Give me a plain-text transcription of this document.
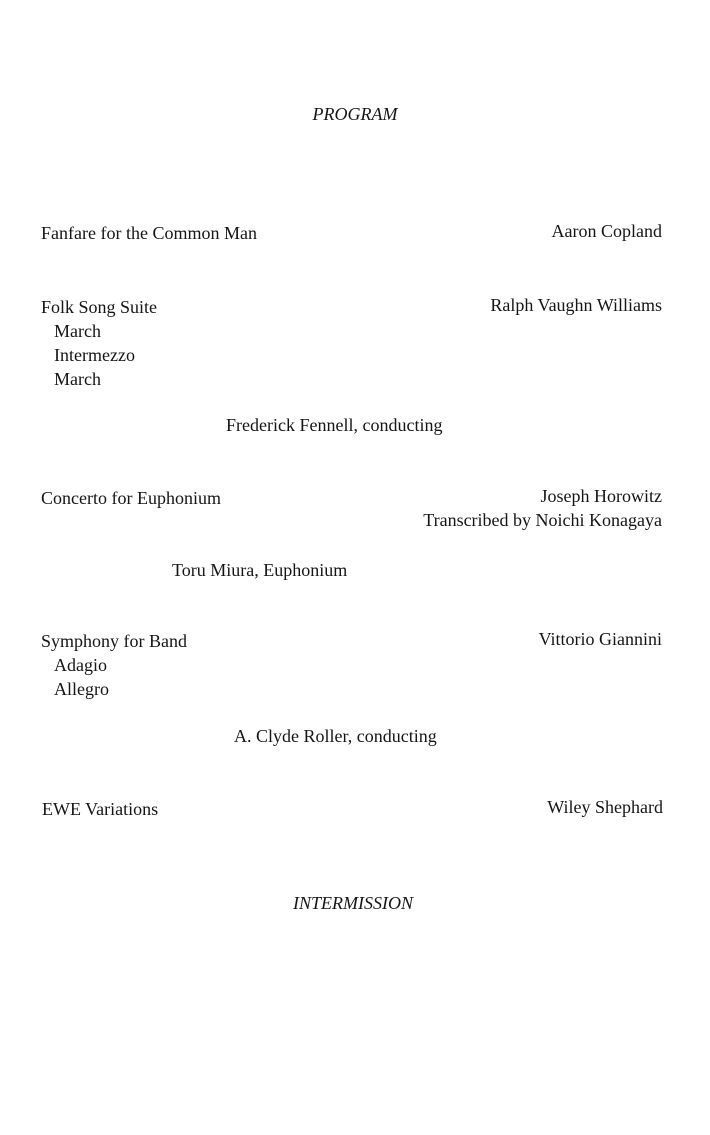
PROGRAM
Fanfare for the Common Man	Aaron Copland
Folk Song Suite	Ralph Vaughn Williams
March
Intermezzo
March
Frederick Fennell, conducting
Concerto for Euphonium	Joseph Horowitz
Transcribed by Noichi Konagaya
Toru Miura, Euphonium
Symphony for Band	Vittorio Giannini
Adagio
Allegro
A. Clyde Roller, conducting
EWE Variations	Wiley Shephard
INTERMISSION
